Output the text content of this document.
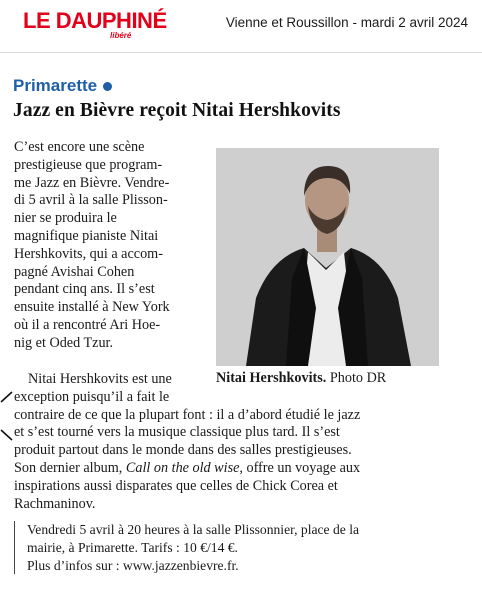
LE DAUPHINÉ
libéré
Vienne et Roussillon - mardi 2 avril 2024
Primarette
Jazz en Bièvre reçoit Nitai Hershkovits

C’est encore une scène

prestigieuse que program-

me Jazz en Bièvre. Vendre-

di 5 avril à la salle Plisson-

nier se produira le

magnifique pianiste Nitai

Hershkovits, qui a accom-

pagné Avishai Cohen

pendant cinq ans. Il s’est

ensuite installé à New York

où il a rencontré Ari Hoe-

nig et Oded Tzur.

Nitai Hershkovits. Photo DR
Nitai Hershkovits est une
exception puisqu’il a fait le
contraire de ce que la plupart font : il a d’abord étudié le jazz
et s’est tourné vers la musique classique plus tard. Il s’est
produit partout dans le monde dans des salles prestigieuses.
Son dernier album, Call on the old wise, offre un voyage aux
inspirations aussi disparates que celles de Chick Corea et
Rachmaninov.

Vendredi 5 avril à 20 heures à la salle Plissonnier, place de la

mairie, à Primarette. Tarifs : 10 €/14 €.

Plus d’infos sur : www.jazzenbievre.fr.
